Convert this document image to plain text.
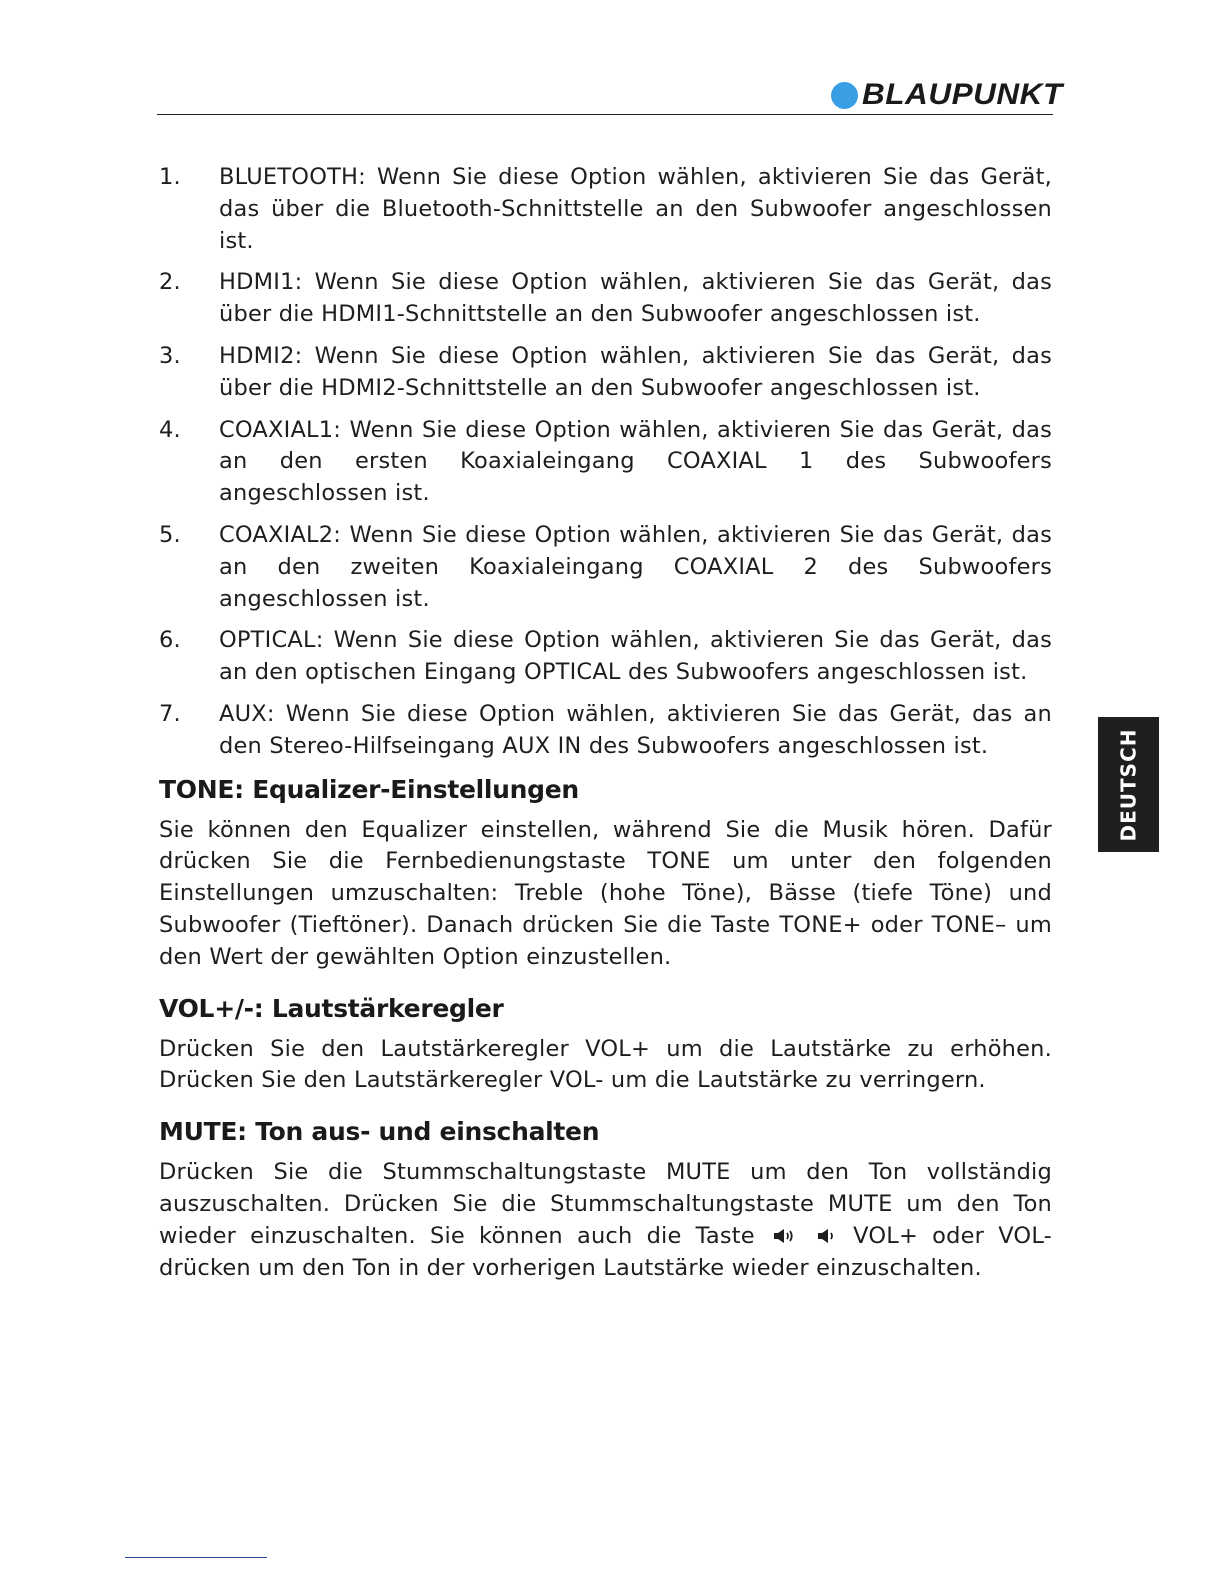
BLAUPUNKT
DEUTSCH
1. BLUETOOTH: Wenn Sie diese Option wählen, aktivieren Sie das Gerät, das über die Bluetooth-Schnittstelle an den Subwoofer angeschlossen ist.
2. HDMI1: Wenn Sie diese Option wählen, aktivieren Sie das Gerät, das über die HDMI1-Schnittstelle an den Subwoofer angeschlossen ist.
3. HDMI2: Wenn Sie diese Option wählen, aktivieren Sie das Gerät, das über die HDMI2-Schnittstelle an den Subwoofer angeschlossen ist.
4. COAXIAL1: Wenn Sie diese Option wählen, aktivieren Sie das Gerät, das an den ersten Koaxialeingang COAXIAL 1 des Subwoofers angeschlossen ist.
5. COAXIAL2: Wenn Sie diese Option wählen, aktivieren Sie das Gerät, das an den zweiten Koaxialeingang COAXIAL 2 des Subwoofers angeschlossen ist.
6. OPTICAL: Wenn Sie diese Option wählen, aktivieren Sie das Gerät, das an den optischen Eingang OPTICAL des Subwoofers angeschlossen ist.
7. AUX: Wenn Sie diese Option wählen, aktivieren Sie das Gerät, das an den Stereo-Hilfseingang AUX IN des Subwoofers angeschlossen ist.
TONE: Equalizer-Einstellungen

Sie können den Equalizer einstellen, während Sie die Musik hören. Dafür drücken Sie die Fernbedienungstaste TONE um unter den folgenden Einstellungen umzuschalten: Treble (hohe Töne), Bässe (tiefe Töne) und Subwoofer (Tieftöner). Danach drücken Sie die Taste TONE+ oder TONE– um den Wert der gewählten Option einzustellen.

VOL+/-: Lautstärkeregler

Drücken Sie den Lautstärkeregler VOL+ um die Lautstärke zu erhöhen. Drücken Sie den Lautstärkeregler VOL- um die Lautstärke zu verringern.

MUTE: Ton aus- und einschalten

Drücken Sie die Stummschaltungstaste MUTE um den Ton vollständig auszuschalten. Drücken Sie die Stummschaltungstaste MUTE um den Ton wieder einzuschalten. Sie können auch die Taste	VOL+ oder VOL- drücken um den Ton in der vorherigen Lautstärke wieder einzuschalten.
